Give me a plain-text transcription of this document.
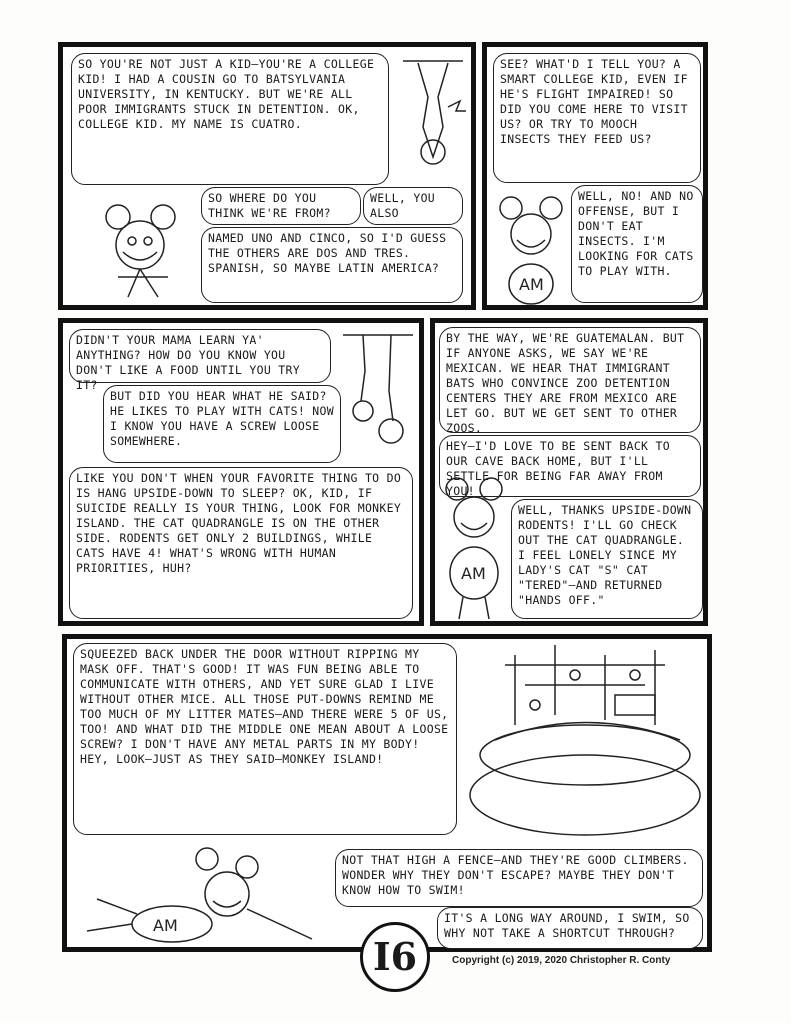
SO YOU'RE NOT JUST A KID—YOU'RE A COLLEGE KID! I HAD A COUSIN GO TO BATSYLVANIA UNIVERSITY, IN KENTUCKY. BUT WE'RE ALL POOR IMMIGRANTS STUCK IN DETENTION. OK, COLLEGE KID. MY NAME IS CUATRO.
SO WHERE DO YOU THINK WE'RE FROM?
WELL, YOU ALSO
NAMED UNO AND CINCO, SO I'D GUESS THE OTHERS ARE DOS AND TRES. SPANISH, SO MAYBE LATIN AMERICA?
SEE? WHAT'D I TELL YOU? A SMART COLLEGE KID, EVEN IF HE'S FLIGHT IMPAIRED! SO DID YOU COME HERE TO VISIT US? OR TRY TO MOOCH INSECTS THEY FEED US?
WELL, NO! AND NO OFFENSE, BUT I DON'T EAT INSECTS. I'M LOOKING FOR CATS TO PLAY WITH.
AM
DIDN'T YOUR MAMA LEARN YA' ANYTHING? HOW DO YOU KNOW YOU DON'T LIKE A FOOD UNTIL YOU TRY IT?
BUT DID YOU HEAR WHAT HE SAID? HE LIKES TO PLAY WITH CATS! NOW I KNOW YOU HAVE A SCREW LOOSE SOMEWHERE.
LIKE YOU DON'T WHEN YOUR FAVORITE THING TO DO IS HANG UPSIDE-DOWN TO SLEEP? OK, KID, IF SUICIDE REALLY IS YOUR THING, LOOK FOR MONKEY ISLAND. THE CAT QUADRANGLE IS ON THE OTHER SIDE. RODENTS GET ONLY 2 BUILDINGS, WHILE CATS HAVE 4! WHAT'S WRONG WITH HUMAN PRIORITIES, HUH?
BY THE WAY, WE'RE GUATEMALAN. BUT IF ANYONE ASKS, WE SAY WE'RE MEXICAN. WE HEAR THAT IMMIGRANT BATS WHO CONVINCE ZOO DETENTION CENTERS THEY ARE FROM MEXICO ARE LET GO. BUT WE GET SENT TO OTHER ZOOS.
HEY—I'D LOVE TO BE SENT BACK TO OUR CAVE BACK HOME, BUT I'LL SETTLE FOR BEING FAR AWAY FROM YOU!
WELL, THANKS UPSIDE-DOWN RODENTS! I'LL GO CHECK OUT THE CAT QUADRANGLE. I FEEL LONELY SINCE MY LADY'S CAT "S" CAT "TERED"—AND RETURNED "HANDS OFF."
AM
SQUEEZED BACK UNDER THE DOOR WITHOUT RIPPING MY MASK OFF. THAT'S GOOD! IT WAS FUN BEING ABLE TO COMMUNICATE WITH OTHERS, AND YET SURE GLAD I LIVE WITHOUT OTHER MICE. ALL THOSE PUT-DOWNS REMIND ME TOO MUCH OF MY LITTER MATES—AND THERE WERE 5 OF US, TOO! AND WHAT DID THE MIDDLE ONE MEAN ABOUT A LOOSE SCREW? I DON'T HAVE ANY METAL PARTS IN MY BODY! HEY, LOOK—JUST AS THEY SAID—MONKEY ISLAND!
NOT THAT HIGH A FENCE—AND THEY'RE GOOD CLIMBERS. WONDER WHY THEY DON'T ESCAPE? MAYBE THEY DON'T KNOW HOW TO SWIM!
IT'S A LONG WAY AROUND, I SWIM, SO WHY NOT TAKE A SHORTCUT THROUGH?
AM
I6	Copyright (c) 2019, 2020 Christopher R. Conty
